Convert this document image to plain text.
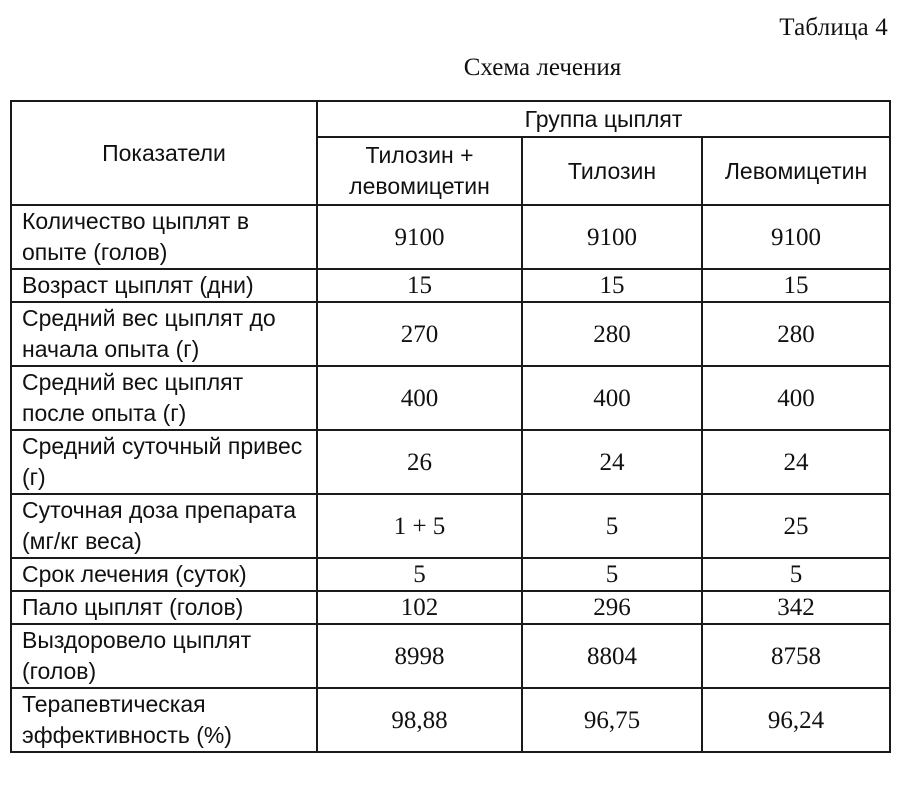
Таблица 4
Схема лечения
Показатели	Группа цыплят		
	Тилозин + левомицетин	Тилозин	Левомицетин
Количество цыплят в опыте (голов)	9100	9100	9100
Возраст цыплят (дни)	15	15	15
Средний вес цыплят до начала опыта (г)	270	280	280
Средний вес цыплят после опыта (г)	400	400	400
Средний суточный привес (г)	26	24	24
Суточная доза препарата (мг/кг веса)	1 + 5	5	25
Срок лечения (суток)	5	5	5
Пало цыплят (голов)	102	296	342
Выздоровело цыплят (голов)	8998	8804	8758
Терапевтическая эффективность (%)	98,88	96,75	96,24
